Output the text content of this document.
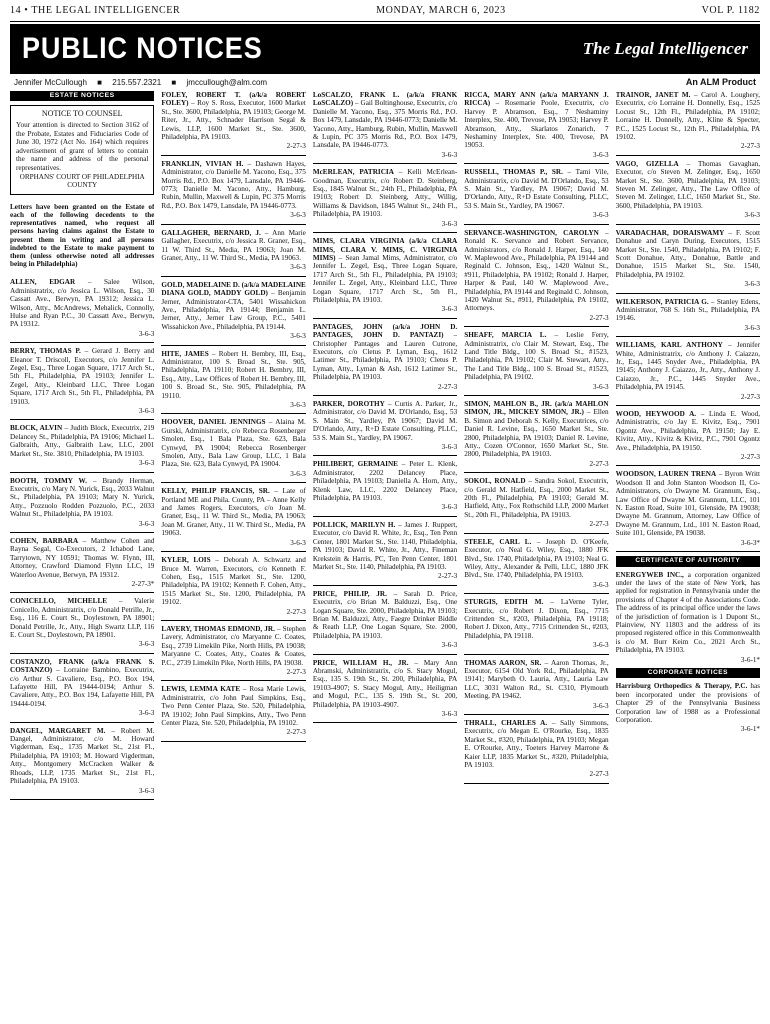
14 • THE LEGAL INTELLIGENCER	MONDAY, MARCH 6, 2023	VOL P. 1182
PUBLIC NOTICES	The Legal Intelligencer
Jennifer McCullough ■ 215.557.2321 ■ jmccullough@alm.com	An ALM Product
ESTATE NOTICES
NOTICE TO COUNSEL
Your attention is directed to Section 3162 of the Probate, Estates and Fiduciaries Code of June 30, 1972 (Act No. 164) which requires advertisement of grant of letters to contain the name and address of the personal representatives.
ORPHANS' COURT OF PHILADELPHIA COUNTY
Letters have been granted on the Estate of each of the following decedents to the representatives named, who request all persons having claims against the Estate to present them in writing and all persons indebted to the Estate to make payment to them (unless otherwise noted all addresses being in Philadelphia)
ALLEN, EDGAR – Salee Wilson, Administratrix, c/o Jessica L. Wilson, Esq., 30 Cassatt Ave., Berwyn, PA 19312; Jessica L. Wilson, Atty., McAndrews, Mehalick, Connolly, Hulse and Ryan P.C., 30 Cassatt Ave., Berwyn, PA 19312.
3-6-3
BERRY, THOMAS P. – Gerard J. Berry and Eleanor T. Driscoll, Executors, c/o Jennifer L. Zegel, Esq., Three Logan Square, 1717 Arch St., 5th Fl., Philadelphia, PA 19103; Jennifer L. Zegel, Atty., Kleinbard LLC, Three Logan Square, 1717 Arch St., 5th Fl., Philadelphia, PA 19103.
3-6-3
BLOCK, ALVIN – Judith Block, Executrix, 219 Delancey St., Philadelphia, PA 19106; Michael L. Galbraith, Atty., Galbraith Law, LLC, 2001 Market St., Ste. 3810, Philadelphia, PA 19103.
3-6-3
BOOTH, TOMMY W. – Brandy Herman, Executrix, c/o Mary N. Yurick, Esq., 2033 Walnut St., Philadelphia, PA 19103; Mary N. Yurick, Atty., Pozzuolo Rodden Pozzuolo, P.C., 2033 Walnut St., Philadelphia, PA 19103.
3-6-3
COHEN, BARBARA – Matthew Cohen and Rayna Segal, Co-Executors, 2 Ichabod Lane, Tarrytown, NY 10591; Thomas W. Flynn, III, Attorney, Crawford Diamond Flynn LLC, 19 Waterloo Avenue, Berwyn, PA 19312.
2-27-3*
CONICELLO, MICHELLE – Valerie Conicello, Administratrix, c/o Donald Petrille, Jr., Esq., 116 E. Court St., Doylestown, PA 18901; Donald Petrille, Jr., Atty., High Swartz LLP, 116 E. Court St., Doylestown, PA 18901.
3-6-3
COSTANZO, FRANK (a/k/a FRANK S. COSTANZO) – Lorraine Bambino, Executrix, c/o Arthur S. Cavaliere, Esq., P.O. Box 194, Lafayette Hill, PA 19444-0194; Arthur S. Cavaliere, Atty., P.O. Box 194, Lafayette Hill, PA 19444-0194.
3-6-3
DANGEL, MARGARET M. – Robert M. Dangel, Administrator, c/o M. Howard Vigderman, Esq., 1735 Market St., 21st Fl., Philadelphia, PA 19103; M. Howard Vigderman, Atty., Montgomery McCracken Walker & Rhoads, LLP, 1735 Market St., 21st Fl., Philadelphia, PA 19103.
3-6-3
FOLEY, ROBERT T. (a/k/a ROBERT FOLEY) – Roy S. Ross, Executor, 1600 Market St., Ste. 3600, Philadelphia, PA 19103; George M. Riter, Jr., Atty., Schnader Harrison Segal & Lewis, LLP, 1600 Market St., Ste. 3600, Philadelphia, PA 19103.
2-27-3
FRANKLIN, VIVIAN H. – Dashawn Hayes, Administrator, c/o Danielle M. Yacono, Esq., 375 Morris Rd., P.O. Box 1479, Lansdale, PA 19446-0773; Danielle M. Yacono, Atty., Hamburg, Rubin, Mullin, Maxwell & Lupin, PC 375 Morris Rd., P.O. Box 1479, Lansdale, PA 19446-0773.
3-6-3
GALLAGHER, BERNARD, J. – Ann Marie Gallagher, Executrix, c/o Jessica R. Graner, Esq., 11 W. Third St., Media, PA 19063; Joan M. Graner, Atty., 11 W. Third St., Media, PA 19063.
3-6-3
GOLD, MADELAINE D. (a/k/a MADELAINE DIANA GOLD, MADDY GOLD) – Benjamin Jerner, Administrator-CTA, 5401 Wissahickon Ave., Philadelphia, PA 19144; Benjamin L. Jerner, Atty., Jerner Law Group, P.C., 5401 Wissahickon Ave., Philadelphia, PA 19144.
3-6-3
HITE, JAMES – Robert H. Bembry, III, Esq., Administrator, 100 S. Broad St., Ste. 905, Philadelphia, PA 19110; Robert H. Bembry, III, Esq., Atty., Law Offices of Robert H. Bembry, III, 100 S. Broad St., Ste. 905, Philadelphia, PA 19110.
3-6-3
HOOVER, DANIEL JENNINGS – Alaina M. Gurski, Administratrix, c/o Rebecca Rosenberger Smolen, Esq., 1 Bala Plaza, Ste. 623, Bala Cynwyd, PA 19004; Rebecca Rosenberger Smolen, Atty., Bala Law Group, LLC, 1 Bala Plaza, Ste. 623, Bala Cynwyd, PA 19004.
3-6-3
KELLY, PHILIP FRANCIS, SR. – Late of Portland ME and Phila. County, PA – Anne Kelly and James Rogers, Executors, c/o Joan M. Graner, Esq., 11 W. Third St., Media, PA 19063; Joan M. Graner, Atty., 11 W. Third St., Media, PA 19063.
3-6-3
KYLER, LOIS – Deborah A. Schwartz and Bruce M. Warren, Executors, c/o Kenneth F. Cohen, Esq., 1515 Market St., Ste. 1200, Philadelphia, PA 19102; Kenneth F. Cohen, Atty., 1515 Market St., Ste. 1200, Philadelphia, PA 19102.
2-27-3
LAVERY, THOMAS EDMOND, JR. – Stephen Lavery, Administrator, c/o Maryanne C. Coates, Esq., 2739 Limekiln Pike, North Hills, PA 19038; Maryanne C. Coates, Atty., Coates & Coates, P.C., 2739 Limekiln Pike, North Hills, PA 19038.
2-27-3
LEWIS, LEMMA KATE – Rosa Marie Lewis, Administratrix, c/o John Paul Simpkins, Esq., Two Penn Center Plaza, Ste. 520, Philadelphia, PA 19102; John Paul Simpkins, Atty., Two Penn Center Plaza, Ste. 520, Philadelphia, PA 19102.
2-27-3
LoSCALZO, FRANK L. (a/k/a FRANK LoSCALZO) – Gail Boltinghouse, Executrix, c/o Danielle M. Yacono, Esq., 375 Morris Rd., P.O. Box 1479, Lansdale, PA 19446-0773; Danielle M. Yacono, Atty., Hamburg, Rubin, Mullin, Maxwell & Lupin, PC 375 Morris Rd., P.O. Box 1479, Lansdale, PA 19446-0773.
3-6-3
McERLEAN, PATRICIA – Kelli McErlean-Goodman, Executrix, c/o Robert D. Steinberg, Esq., 1845 Walnut St., 24th Fl., Philadelphia, PA 19103; Robert D. Steinberg, Atty., Willig, Williams & Davidson, 1845 Walnut St., 24th Fl., Philadelphia, PA 19103.
3-6-3
MIMS, CLARA VIRGINIA (a/k/a CLARA MIMS, CLARA V. MIMS, C. VIRGINIA MIMS) – Sean Jamal Mims, Administrator, c/o Jennifer L. Zegel, Esq., Three Logan Square, 1717 Arch St., 5th Fl., Philadelphia, PA 19103; Jennifer L. Zegel, Atty., Kleinbard LLC, Three Logan Square, 1717 Arch St., 5th Fl., Philadelphia, PA 19103.
3-6-3
PANTAGES, JOHN (a/k/a JOHN D. PANTAGES, JOHN D. PANTAZI) – Christopher Pantages and Lauren Cutrone, Executors, c/o Cletus P. Lyman, Esq., 1612 Latimer St., Philadelphia, PA 19103; Cletus P. Lyman, Atty., Lyman & Ash, 1612 Latimer St., Philadelphia, PA 19103.
2-27-3
PARKER, DOROTHY – Curtis A. Parker, Jr., Administrator, c/o David M. D'Orlando, Esq., 53 S. Main St., Yardley, PA 19067; David M. D'Orlando, Atty., R+D Estate Consulting, PLLC, 53 S. Main St., Yardley, PA 19067.
3-6-3
PHILIBERT, GERMAINE – Peter L. Klenk, Administrator, 2202 Delancey Place, Philadelphia, PA 19103; Daniella A. Horn, Atty., Klenk Law, LLC, 2202 Delancey Place, Philadelphia, PA 19103.
3-6-3
POLLICK, MARILYN H. – James J. Ruppert, Executor, c/o David R. White, Jr., Esq., Ten Penn Center, 1801 Market St., Ste. 1140, Philadelphia, PA 19103; David R. White, Jr., Atty., Fineman Krekstein & Harris, PC, Ten Penn Center, 1801 Market St., Ste. 1140, Philadelphia, PA 19103.
2-27-3
PRICE, PHILIP, JR. – Sarah D. Price, Executrix, c/o Brian M. Balduzzi, Esq., One Logan Square, Ste. 2000, Philadelphia, PA 19103; Brian M. Balduzzi, Atty., Faegre Drinker Biddle & Reath LLP, One Logan Square, Ste. 2000, Philadelphia, PA 19103.
3-6-3
PRICE, WILLIAM H., JR. – Mary Ann Abramski, Administratrix, c/o S. Stacy Mogul, Esq., 135 S. 19th St., St. 200, Philadelphia, PA 19103-4907; S. Stacy Mogul, Atty., Heiligman and Mogul, P.C., 135 S. 19th St., St. 200, Philadelphia, PA 19103-4907.
3-6-3
RICCA, MARY ANN (a/k/a MARYANN J. RICCA) – Rosemarie Poole, Executrix, c/o Harvey P. Abramson, Esq., 7 Neshaminy Interplex, Ste. 400, Trevose, PA 19053; Harvey P. Abramson, Atty., Skarlatos Zonarich, 7 Neshaminy Interplex, Ste. 400, Trevose, PA 19053.
3-6-3
RUSSELL, THOMAS P., SR. – Tami Vile, Administratrix, c/o David M. D'Orlando, Esq., 53 S. Main St., Yardley, PA 19067; David M. D'Orlando, Atty., R+D Estate Consulting, PLLC, 53 S. Main St., Yardley, PA 19067.
3-6-3
SERVANCE-WASHINGTON, CAROLYN – Ronald K. Servance and Robert Servance, Administrators, c/o Ronald J. Harper, Esq., 140 W. Maplewood Ave., Philadelphia, PA 19144 and Reginald C. Johnson, Esq., 1420 Walnut St., #911, Philadelphia, PA 19102; Ronald J. Harper, Harper & Paul, 140 W. Maplewood Ave., Philadelphia, PA 19144 and Reginald C. Johnson, 1420 Walnut St., #911, Philadelphia, PA 19102, Attorneys.
2-27-3
SHEAFF, MARCIA L. – Leslie Ferry, Administratrix, c/o Clair M. Stewart, Esq., The Land Title Bldg., 100 S. Broad St., #1523, Philadelphia, PA 19102; Clair M. Stewart, Atty., The Land Title Bldg., 100 S. Broad St., #1523, Philadelphia, PA 19102.
3-6-3
SIMON, MAHLON B., JR. (a/k/a MAHLON SIMON, JR., MICKEY SIMON, JR.) – Ellen B. Simon and Deborah S. Kelly, Executrices, c/o Daniel R. Levine, Esq., 1650 Market St., Ste. 2800, Philadelphia, PA 19103; Daniel R. Levine, Atty., Cozen O'Connor, 1650 Market St., Ste. 2800, Philadelphia, PA 19103.
2-27-3
SOKOL, RONALD – Sandra Sokol, Executrix, c/o Gerald M. Hatfield, Esq., 2000 Market St., 20th Fl., Philadelphia, PA 19103; Gerald M. Hatfield, Atty., Fox Rothschild LLP, 2000 Market St., 20th Fl., Philadelphia, PA 19103.
2-27-3
STEELE, CARL L. – Joseph D. O'Keefe, Executor, c/o Neal G. Wiley, Esq., 1880 JFK Blvd., Ste. 1740, Philadelphia, PA 19103; Neal G. Wiley, Atty., Alexander & Pelli, LLC, 1880 JFK Blvd., Ste. 1740, Philadelphia, PA 19103.
3-6-3
STURGIS, EDITH M. – LaVerne Tyler, Executrix, c/o Robert J. Dixon, Esq., 7715 Crittenden St., #203, Philadelphia, PA 19118; Robert J. Dixon, Atty., 7715 Crittenden St., #203, Philadelphia, PA 19118.
3-6-3
THOMAS AARON, SR. – Aaron Thomas, Jr., Executor, 6154 Old York Rd., Philadelphia, PA 19141; Marybeth O. Lauria, Atty., Lauria Law LLC, 3031 Walton Rd., St. C310, Plymouth Meeting, PA 19462.
3-6-3
THRALL, CHARLES A. – Sally Simmons, Executrix, c/o Megan E. O'Rourke, Esq., 1835 Market St., #320, Philadelphia, PA 19103; Megan E. O'Rourke, Atty., Toeters Harvey Marrone & Kaier LLP, 1835 Market St., #320, Philadelphia, PA 19103.
2-27-3
TRAINOR, JANET M. – Carol A. Loughery, Executrix, c/o Lorraine H. Donnelly, Esq., 1525 Locust St., 12th Fl., Philadelphia, PA 19102; Lorraine H. Donnelly, Atty., Kline & Specter, P.C., 1525 Locust St., 12th Fl., Philadelphia, PA 19102.
2-27-3
VAGO, GIZELLA – Thomas Gavaghan, Executor, c/o Steven M. Zelinger, Esq., 1650 Market St., Ste. 3600, Philadelphia, PA 19103; Steven M. Zelinger, Atty., The Law Office of Steven M. Zelinger, LLC, 1650 Market St., Ste. 3600, Philadelphia, PA 19103.
3-6-3
VARADACHAR, DORAISWAMY – F. Scott Donahue and Caryn During, Executors, 1515 Market St., Ste. 1540, Philadelphia, PA 19102; F. Scott Donahue, Atty., Donahue, Battle and Donahue, 1515 Market St., Ste. 1540, Philadelphia, PA 19102.
3-6-3
WILKERSON, PATRICIA G. – Stanley Edens, Administrator, 768 S. 16th St., Philadelphia, PA 19146.
3-6-3
WILLIAMS, KARL ANTHONY – Jennifer White, Administratrix, c/o Anthony J. Caiazzo, Jr., Esq., 1445 Snyder Ave., Philadelphia, PA 19145; Anthony J. Caiazzo, Jr., Atty., Anthony J. Caiazzo, Jr., P.C., 1445 Snyder Ave., Philadelphia, PA 19145.
2-27-3
WOOD, HEYWOOD A. – Linda E. Wood, Administratrix, c/o Jay E. Kivitz, Esq., 7901 Ogontz Ave., Philadelphia, PA 19150; Jay E. Kivitz, Atty., Kivitz & Kivitz, P.C., 7901 Ogontz Ave., Philadelphia, PA 19150.
2-27-3
WOODSON, LAUREN TRENA – Byron Writt Woodson II and John Stanton Woodson II, Co-Administrators, c/o Dwayne M. Grannum, Esq., Law Office of Dwayne M. Grannum, LLC, 101 N. Easton Road, Suite 101, Glenside, PA 19038; Dwayne M. Grannum, Attorney, Law Office of Dwayne M. Grannum, Ltd., 101 N. Easton Road, Suite 101, Glenside, PA 19038.
3-6-3*
CERTIFICATE OF AUTHORITY
ENERGYWEB INC., a corporation organized under the laws of the state of New York, has applied for registration in Pennsylvania under the provisions of Chapter 4 of the Associations Code. The address of its principal office under the laws of the jurisdiction of formation is 1 Dupont St., Plainview, NY 11803 and the address of its proposed registered office in this Commonwealth is c/o M. Burr Keim Co., 2021 Arch St., Philadelphia, PA 19103.
3-6-1*
CORPORATE NOTICES
Harrisburg Orthopedics & Therapy, P.C. has been incorporated under the provisions of Chapter 29 of the Pennsylvania Business Corporation law of 1988 as a Professional Corporation.
3-6-1*
